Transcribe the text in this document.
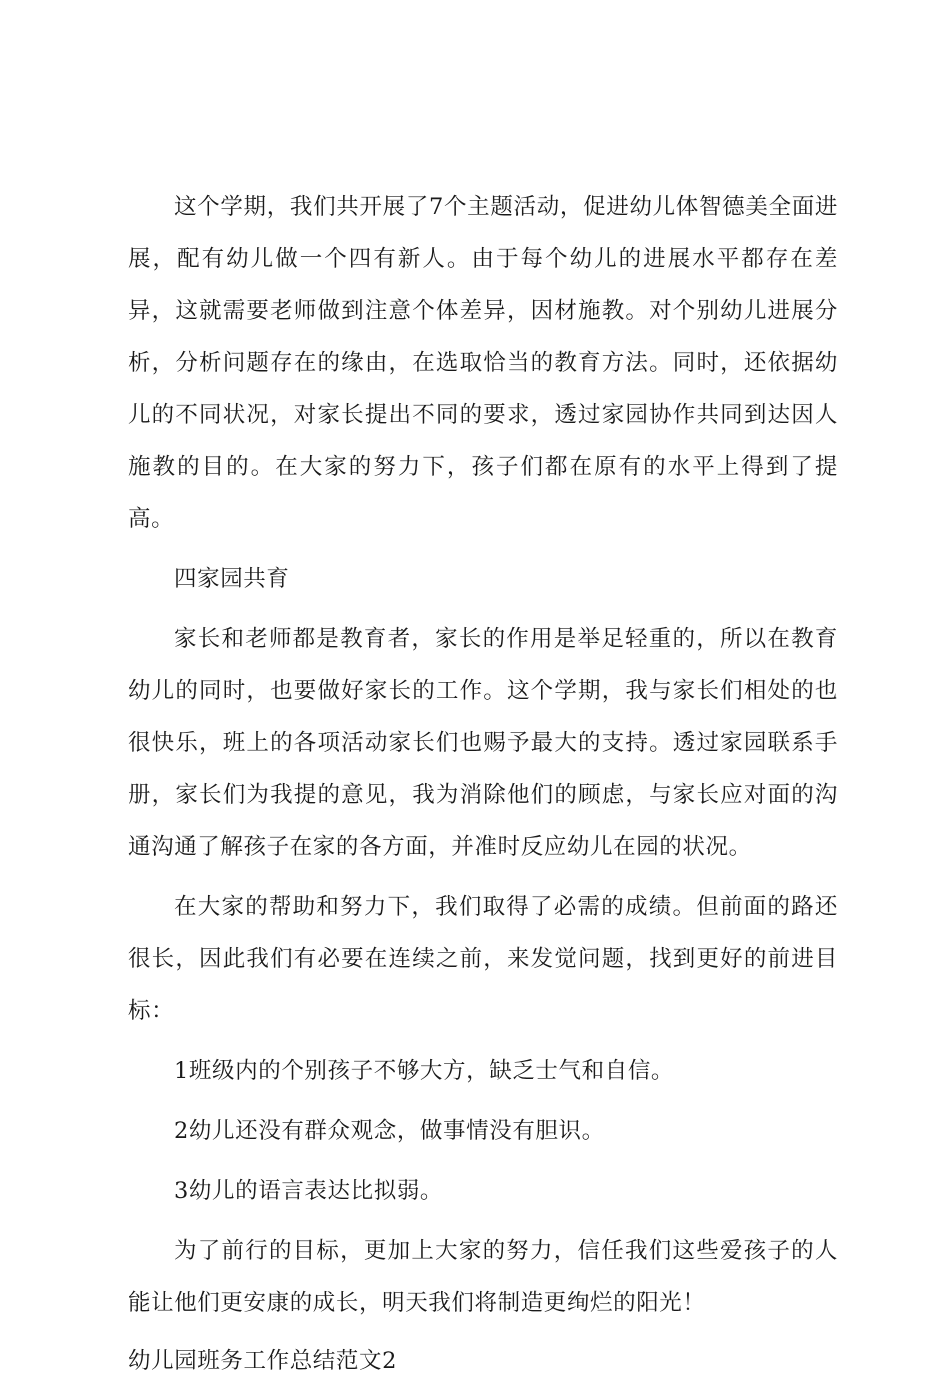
这个学期，我们共开展了7个主题活动，促进幼儿体智德美全面进展，配有幼儿做一个四有新人。由于每个幼儿的进展水平都存在差异，这就需要老师做到注意个体差异，因材施教。对个别幼儿进展分析，分析问题存在的缘由，在选取恰当的教育方法。同时，还依据幼儿的不同状况，对家长提出不同的要求，透过家园协作共同到达因人施教的目的。在大家的努力下，孩子们都在原有的水平上得到了提高。

四家园共育

家长和老师都是教育者，家长的作用是举足轻重的，所以在教育幼儿的同时，也要做好家长的工作。这个学期，我与家长们相处的也很快乐，班上的各项活动家长们也赐予最大的支持。透过家园联系手册，家长们为我提的意见，我为消除他们的顾虑，与家长应对面的沟通沟通了解孩子在家的各方面，并准时反应幼儿在园的状况。

在大家的帮助和努力下，我们取得了必需的成绩。但前面的路还很长，因此我们有必要在连续之前，来发觉问题，找到更好的前进目标：

1班级内的个别孩子不够大方，缺乏士气和自信。

2幼儿还没有群众观念，做事情没有胆识。

3幼儿的语言表达比拟弱。

为了前行的目标，更加上大家的努力，信任我们这些爱孩子的人能让他们更安康的成长，明天我们将制造更绚烂的阳光！

幼儿园班务工作总结范文2
